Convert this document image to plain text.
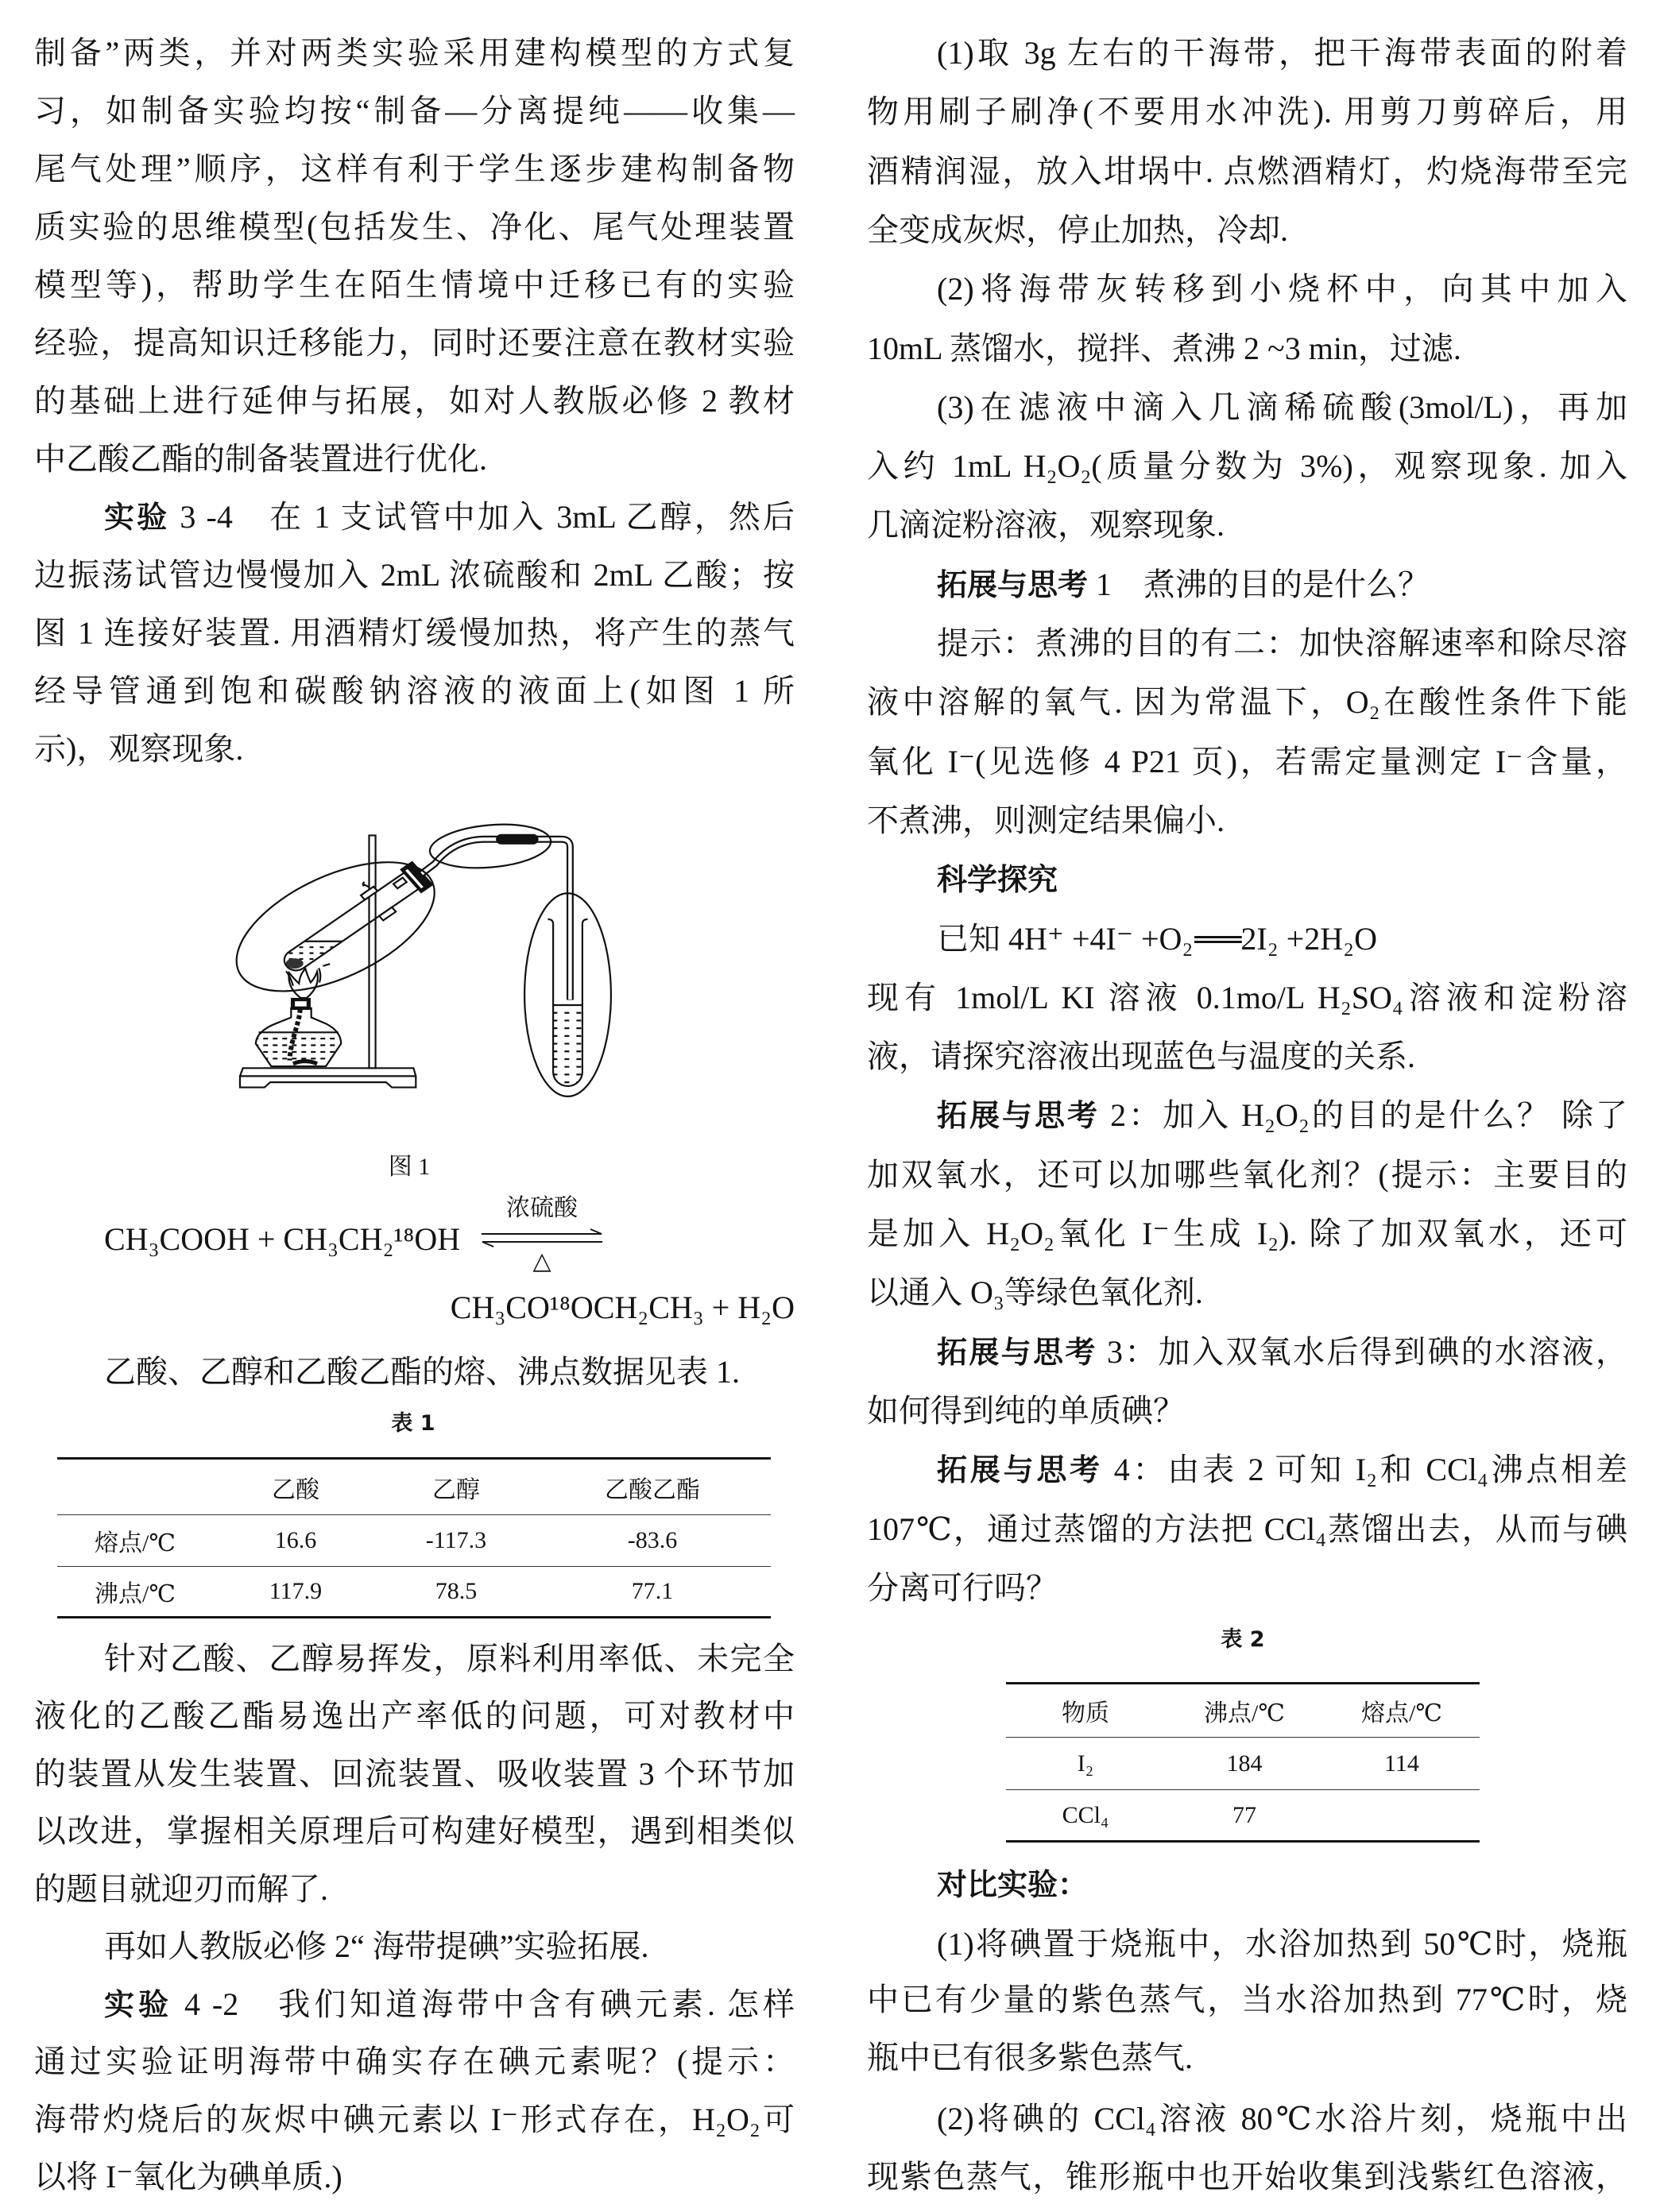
制备”两类，并对两类实验采用建构模型的方式复
习，如制备实验均按“制备—分离提纯——收集—
尾气处理”顺序，这样有利于学生逐步建构制备物
质实验的思维模型(包括发生、净化、尾气处理装置
模型等)，帮助学生在陌生情境中迁移已有的实验
经验，提高知识迁移能力，同时还要注意在教材实验
的基础上进行延伸与拓展，如对人教版必修 2 教材
中乙酸乙酯的制备装置进行优化.
实验 3 -4　在 1 支试管中加入 3mL 乙醇，然后
边振荡试管边慢慢加入 2mL 浓硫酸和 2mL 乙酸；按
图 1 连接好装置. 用酒精灯缓慢加热，将产生的蒸气
经导管通到饱和碳酸钠溶液的液面上(如图 1 所
示)，观察现象.
图 1
CH₃COOH + CH₃CH₂¹⁸OH
浓硫酸
△
CH₃CO¹⁸OCH₂CH₃ + H₂O
乙酸、乙醇和乙酸乙酯的熔、沸点数据见表 1.
表 1
	乙酸	乙醇	乙酸乙酯
熔点/℃	16.6	-117.3	-83.6
沸点/℃	117.9	78.5	77.1
针对乙酸、乙醇易挥发，原料利用率低、未完全
液化的乙酸乙酯易逸出产率低的问题，可对教材中
的装置从发生装置、回流装置、吸收装置 3 个环节加
以改进，掌握相关原理后可构建好模型，遇到相类似
的题目就迎刃而解了.
再如人教版必修 2“ 海带提碘”实验拓展.
实验 4 -2　我们知道海带中含有碘元素. 怎样
通过实验证明海带中确实存在碘元素呢？(提示：
海带灼烧后的灰烬中碘元素以 I⁻形式存在，H₂O₂可
以将 I⁻氧化为碘单质.)
(1)取 3g 左右的干海带，把干海带表面的附着
物用刷子刷净(不要用水冲洗). 用剪刀剪碎后，用
酒精润湿，放入坩埚中. 点燃酒精灯，灼烧海带至完
全变成灰烬，停止加热，冷却.
(2)将海带灰转移到小烧杯中，向其中加入
10mL 蒸馏水，搅拌、煮沸 2 ~3 min，过滤.
(3)在滤液中滴入几滴稀硫酸(3mol/L)，再加
入约 1mL H₂O₂(质量分数为 3%)，观察现象. 加入
几滴淀粉溶液，观察现象.
拓展与思考 1　煮沸的目的是什么？
提示：煮沸的目的有二：加快溶解速率和除尽溶
液中溶解的氧气. 因为常温下，O₂在酸性条件下能
氧化 I⁻(见选修 4 P21 页)，若需定量测定 I⁻含量，
不煮沸，则测定结果偏小.
科学探究
已知 4H⁺ +4I⁻ +O₂═══2I₂ +2H₂O
现有 1mol/L KI 溶液 0.1mo/L H₂SO₄溶液和淀粉溶
液，请探究溶液出现蓝色与温度的关系.
拓展与思考 2：加入 H₂O₂的目的是什么？ 除了
加双氧水，还可以加哪些氧化剂？(提示：主要目的
是加入 H₂O₂氧化 I⁻生成 I₂). 除了加双氧水，还可
以通入 O₃等绿色氧化剂.
拓展与思考 3：加入双氧水后得到碘的水溶液，
如何得到纯的单质碘？
拓展与思考 4：由表 2 可知 I₂和 CCl₄沸点相差
107℃，通过蒸馏的方法把 CCl₄蒸馏出去，从而与碘
分离可行吗？
表 2
物质	沸点/℃	熔点/℃
I₂	184	114
CCl₄	77	
对比实验：
(1)将碘置于烧瓶中，水浴加热到 50℃时，烧瓶
中已有少量的紫色蒸气，当水浴加热到 77℃时，烧
瓶中已有很多紫色蒸气.
(2)将碘的 CCl₄溶液 80℃水浴片刻，烧瓶中出
现紫色蒸气，锥形瓶中也开始收集到浅紫红色溶液，
